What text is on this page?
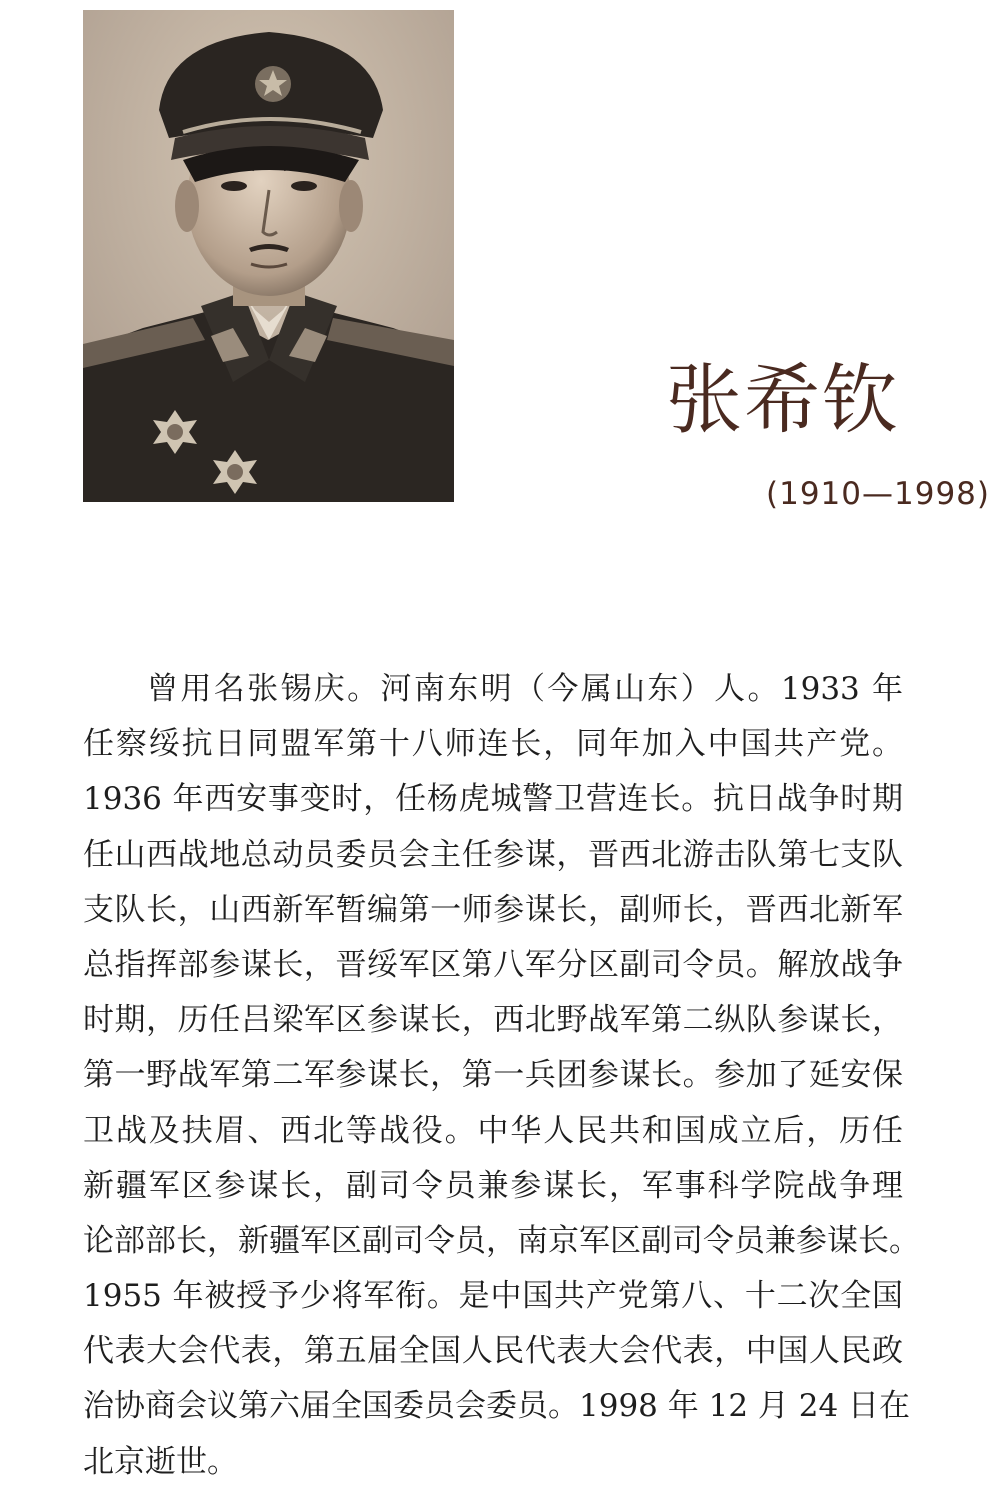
张希钦
(1910—1998)
曾用名张锡庆。河南东明（今属山东）人。1933 年
任察绥抗日同盟军第十八师连长，同年加入中国共产党。
1936 年西安事变时，任杨虎城警卫营连长。抗日战争时期
任山西战地总动员委员会主任参谋，晋西北游击队第七支队
支队长，山西新军暂编第一师参谋长，副师长，晋西北新军
总指挥部参谋长，晋绥军区第八军分区副司令员。解放战争
时期，历任吕梁军区参谋长，西北野战军第二纵队参谋长，
第一野战军第二军参谋长，第一兵团参谋长。参加了延安保
卫战及扶眉、西北等战役。中华人民共和国成立后，历任
新疆军区参谋长，副司令员兼参谋长，军事科学院战争理
论部部长，新疆军区副司令员，南京军区副司令员兼参谋长。
1955 年被授予少将军衔。是中国共产党第八、十二次全国
代表大会代表，第五届全国人民代表大会代表，中国人民政
治协商会议第六届全国委员会委员。1998 年 12 月 24 日在
北京逝世。
